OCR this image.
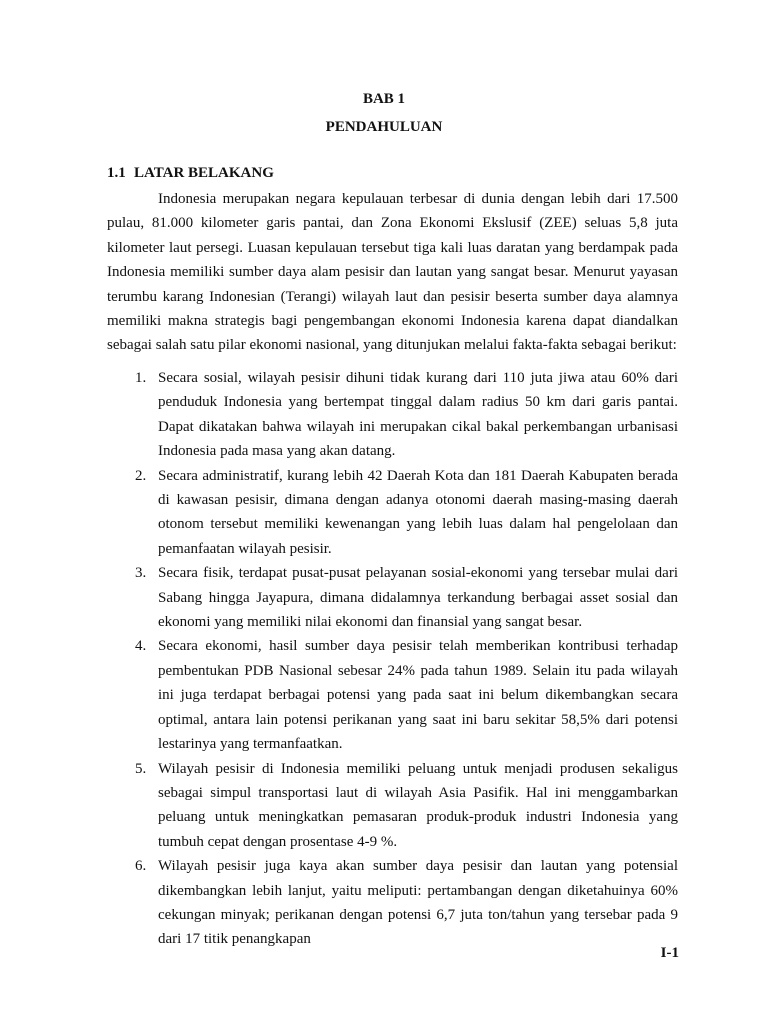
BAB 1
PENDAHULUAN
1.1 LATAR BELAKANG

Indonesia merupakan negara kepulauan terbesar di dunia dengan lebih dari 17.500 pulau, 81.000 kilometer garis pantai, dan Zona Ekonomi Ekslusif (ZEE) seluas 5,8 juta kilometer laut persegi. Luasan kepulauan tersebut tiga kali luas daratan yang berdampak pada Indonesia memiliki sumber daya alam pesisir dan lautan yang sangat besar. Menurut yayasan terumbu karang Indonesian (Terangi) wilayah laut dan pesisir beserta sumber daya alamnya memiliki makna strategis bagi pengembangan ekonomi Indonesia karena dapat diandalkan sebagai salah satu pilar ekonomi nasional, yang ditunjukan melalui fakta-fakta sebagai berikut:

1. Secara sosial, wilayah pesisir dihuni tidak kurang dari 110 juta jiwa atau 60% dari penduduk Indonesia yang bertempat tinggal dalam radius 50 km dari garis pantai. Dapat dikatakan bahwa wilayah ini merupakan cikal bakal perkembangan urbanisasi Indonesia pada masa yang akan datang.
2. Secara administratif, kurang lebih 42 Daerah Kota dan 181 Daerah Kabupaten berada di kawasan pesisir, dimana dengan adanya otonomi daerah masing-masing daerah otonom tersebut memiliki kewenangan yang lebih luas dalam hal pengelolaan dan pemanfaatan wilayah pesisir.
3. Secara fisik, terdapat pusat-pusat pelayanan sosial-ekonomi yang tersebar mulai dari Sabang hingga Jayapura, dimana didalamnya terkandung berbagai asset sosial dan ekonomi yang memiliki nilai ekonomi dan finansial yang sangat besar.
4. Secara ekonomi, hasil sumber daya pesisir telah memberikan kontribusi terhadap pembentukan PDB Nasional sebesar 24% pada tahun 1989. Selain itu pada wilayah ini juga terdapat berbagai potensi yang pada saat ini belum dikembangkan secara optimal, antara lain potensi perikanan yang saat ini baru sekitar 58,5% dari potensi lestarinya yang termanfaatkan.
5. Wilayah pesisir di Indonesia memiliki peluang untuk menjadi produsen sekaligus sebagai simpul transportasi laut di wilayah Asia Pasifik. Hal ini menggambarkan peluang untuk meningkatkan pemasaran produk-produk industri Indonesia yang tumbuh cepat dengan prosentase 4-9 %.
6. Wilayah pesisir juga kaya akan sumber daya pesisir dan lautan yang potensial dikembangkan lebih lanjut, yaitu meliputi: pertambangan dengan diketahuinya 60% cekungan minyak; perikanan dengan potensi 6,7 juta ton/tahun yang tersebar pada 9 dari 17 titik penangkapan
I-1
